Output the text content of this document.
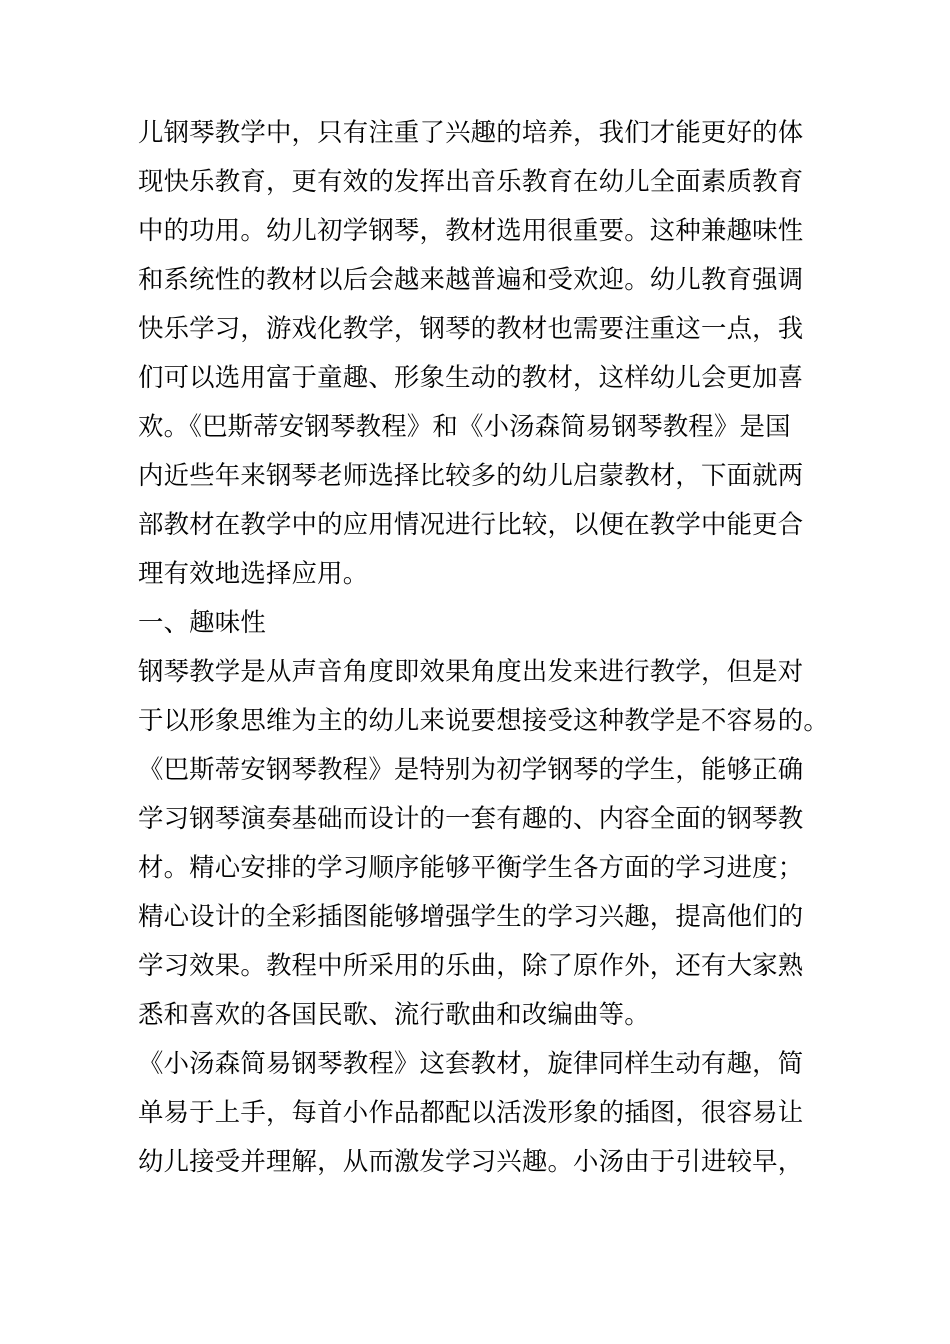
儿钢琴教学中，只有注重了兴趣的培养，我们才能更好的体
现快乐教育，更有效的发挥出音乐教育在幼儿全面素质教育
中的功用。幼儿初学钢琴，教材选用很重要。这种兼趣味性
和系统性的教材以后会越来越普遍和受欢迎。幼儿教育强调
快乐学习，游戏化教学，钢琴的教材也需要注重这一点，我
们可以选用富于童趣、形象生动的教材，这样幼儿会更加喜
欢。《巴斯蒂安钢琴教程》和《小汤森简易钢琴教程》是国
内近些年来钢琴老师选择比较多的幼儿启蒙教材，下面就两
部教材在教学中的应用情况进行比较，以便在教学中能更合
理有效地选择应用。
一、趣味性
钢琴教学是从声音角度即效果角度出发来进行教学，但是对
于以形象思维为主的幼儿来说要想接受这种教学是不容易的。
《巴斯蒂安钢琴教程》是特别为初学钢琴的学生，能够正确
学习钢琴演奏基础而设计的一套有趣的、内容全面的钢琴教
材。精心安排的学习顺序能够平衡学生各方面的学习进度；
精心设计的全彩插图能够增强学生的学习兴趣，提高他们的
学习效果。教程中所采用的乐曲，除了原作外，还有大家熟
悉和喜欢的各国民歌、流行歌曲和改编曲等。
《小汤森简易钢琴教程》这套教材，旋律同样生动有趣，简
单易于上手，每首小作品都配以活泼形象的插图，很容易让
幼儿接受并理解，从而激发学习兴趣。小汤由于引进较早，
